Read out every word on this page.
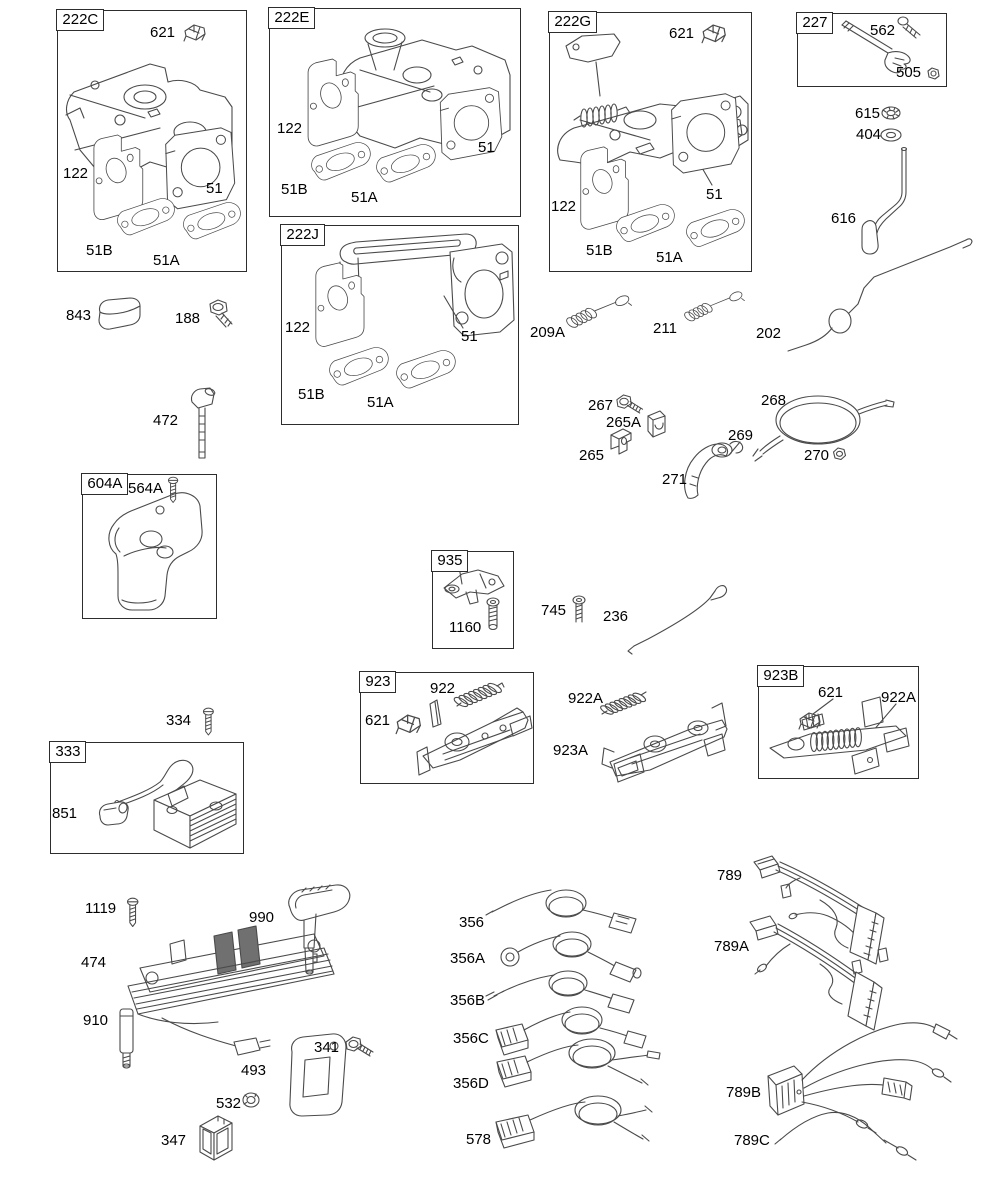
222C	222E	222G	227
222J
604A
935
923	923B
333
621
122
51
51B
51A
122
51
51B	51A
621
122
51
51B	51A
562
505
615
404
616
122
51
51B	51A
843	188
472
209A	211	202
267
265A
265
271
269
268
270
564A
1160
745 236
922
621
922A
923A
621	922A
334
851
1119
474
990
910
341
493
532
347
356
356A
356B
356C
356D
578
789
789A
789B
789C
